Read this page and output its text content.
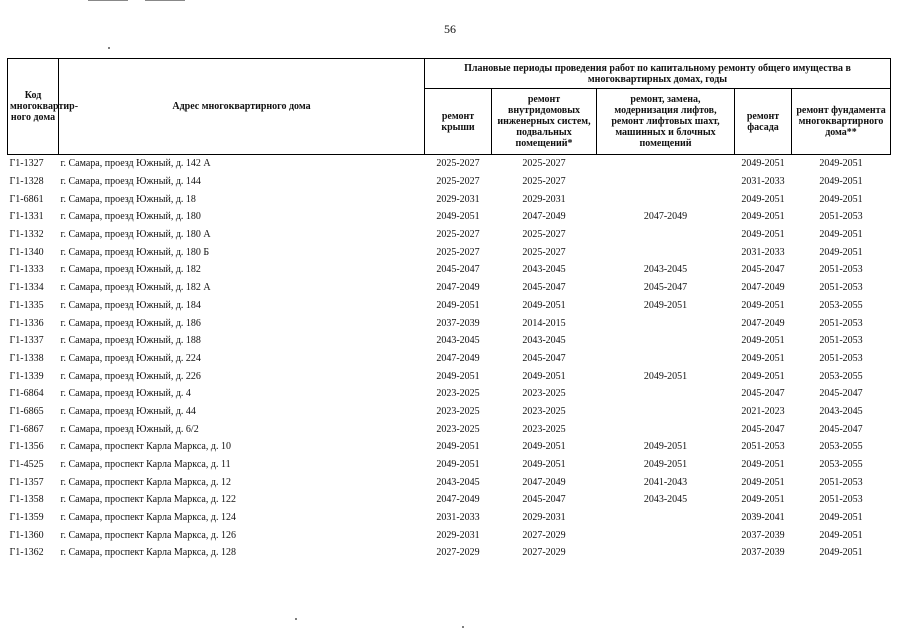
56
Код многоквартир-ного дома	Адрес многоквартирного дома	Плановые периоды проведения работ по капитальному ремонту общего имущества в многоквартирных домах, годы				
		ремонт крыши	ремонт внутридомовых инженерных систем, подвальных помещений*	ремонт, замена, модернизация лифтов, ремонт лифтовых шахт, машинных и блочных помещений	ремонт фасада	ремонт фундамента многоквартирного дома**
Г1-1327	г. Самара, проезд Южный, д. 142 А	2025-2027	2025-2027		2049-2051	2049-2051
Г1-1328	г. Самара, проезд Южный, д. 144	2025-2027	2025-2027		2031-2033	2049-2051
Г1-6861	г. Самара, проезд Южный, д. 18	2029-2031	2029-2031		2049-2051	2049-2051
Г1-1331	г. Самара, проезд Южный, д. 180	2049-2051	2047-2049	2047-2049	2049-2051	2051-2053
Г1-1332	г. Самара, проезд Южный, д. 180 А	2025-2027	2025-2027		2049-2051	2049-2051
Г1-1340	г. Самара, проезд Южный, д. 180 Б	2025-2027	2025-2027		2031-2033	2049-2051
Г1-1333	г. Самара, проезд Южный, д. 182	2045-2047	2043-2045	2043-2045	2045-2047	2051-2053
Г1-1334	г. Самара, проезд Южный, д. 182 А	2047-2049	2045-2047	2045-2047	2047-2049	2051-2053
Г1-1335	г. Самара, проезд Южный, д. 184	2049-2051	2049-2051	2049-2051	2049-2051	2053-2055
Г1-1336	г. Самара, проезд Южный, д. 186	2037-2039	2014-2015		2047-2049	2051-2053
Г1-1337	г. Самара, проезд Южный, д. 188	2043-2045	2043-2045		2049-2051	2051-2053
Г1-1338	г. Самара, проезд Южный, д. 224	2047-2049	2045-2047		2049-2051	2051-2053
Г1-1339	г. Самара, проезд Южный, д. 226	2049-2051	2049-2051	2049-2051	2049-2051	2053-2055
Г1-6864	г. Самара, проезд Южный, д. 4	2023-2025	2023-2025		2045-2047	2045-2047
Г1-6865	г. Самара, проезд Южный, д. 44	2023-2025	2023-2025		2021-2023	2043-2045
Г1-6867	г. Самара, проезд Южный, д. 6/2	2023-2025	2023-2025		2045-2047	2045-2047
Г1-1356	г. Самара, проспект Карла Маркса, д. 10	2049-2051	2049-2051	2049-2051	2051-2053	2053-2055
Г1-4525	г. Самара, проспект Карла Маркса, д. 11	2049-2051	2049-2051	2049-2051	2049-2051	2053-2055
Г1-1357	г. Самара, проспект Карла Маркса, д. 12	2043-2045	2047-2049	2041-2043	2049-2051	2051-2053
Г1-1358	г. Самара, проспект Карла Маркса, д. 122	2047-2049	2045-2047	2043-2045	2049-2051	2051-2053
Г1-1359	г. Самара, проспект Карла Маркса, д. 124	2031-2033	2029-2031		2039-2041	2049-2051
Г1-1360	г. Самара, проспект Карла Маркса, д. 126	2029-2031	2027-2029		2037-2039	2049-2051
Г1-1362	г. Самара, проспект Карла Маркса, д. 128	2027-2029	2027-2029		2037-2039	2049-2051
